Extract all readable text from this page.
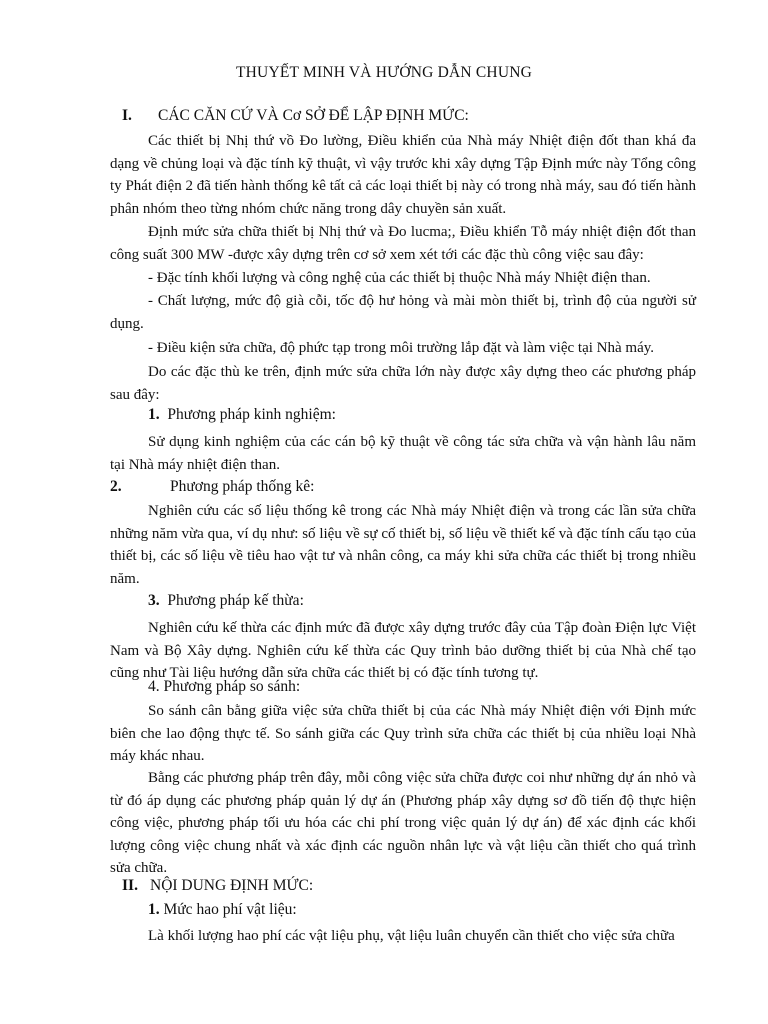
THUYẾT MINH VÀ HƯỚNG DẪN CHUNG
I. CÁC CĂN CỨ VÀ Cơ SỞ ĐỂ LẬP ĐỊNH MỨC:

Các thiết bị Nhị thứ vồ Đo lường, Điều khiển của Nhà máy Nhiệt điện đốt than khá đa dạng về chủng loại và đặc tính kỹ thuật, vì vậy trước khi xây dựng Tập Định mức này Tổng công ty Phát điện 2 đã tiến hành thống kê tất cả các loại thiết bị này có trong nhà máy, sau đó tiến hành phân nhóm theo từng nhóm chức năng trong dây chuyền sản xuất.

Định mức sửa chữa thiết bị Nhị thứ và Đo lucma;, Điều khiển Tỗ máy nhiệt điện đốt than công suất 300 MW -được xây dựng trên cơ sở xem xét tới các đặc thù công việc sau đây:

- Đặc tính khối lượng và công nghệ của các thiết bị thuộc Nhà máy Nhiệt điện than.

- Chất lượng, mức độ già cỗi, tốc độ hư hỏng và mài mòn thiết bị, trình độ của người sử dụng.

- Điều kiện sửa chữa, độ phức tạp trong môi trường lắp đặt và làm việc tại Nhà máy.

Do các đặc thù ke trên, định mức sửa chữa lớn này được xây dựng theo các phương pháp sau đây:

1. Phương pháp kinh nghiệm:

Sử dụng kinh nghiệm của các cán bộ kỹ thuật về công tác sửa chữa và vận hành lâu năm tại Nhà máy nhiệt điện than.

2.	Phương pháp thống kê:

Nghiên cứu các số liệu thống kê trong các Nhà máy Nhiệt điện và trong các lần sửa chữa những năm vừa qua, ví dụ như: số liệu về sự cố thiết bị, số liệu về thiết kế và đặc tính cấu tạo của thiết bị, các số liệu về tiêu hao vật tư và nhân công, ca máy khi sửa chữa các thiết bị trong nhiều năm.

3. Phương pháp kế thừa:

Nghiên cứu kế thừa các định mức đã được xây dựng trước đây của Tập đoàn Điện lực Việt Nam và Bộ Xây dựng. Nghiên cứu kế thừa các Quy trình bảo dưỡng thiết bị của Nhà chế tạo cũng như Tài liệu hướng dẫn sửa chữa các thiết bị có đặc tính tương tự.

4. Phương pháp so sánh:

So sánh cân bằng giữa việc sửa chữa thiết bị của các Nhà máy Nhiệt điện với Định mức biên che lao động thực tế. So sánh giữa các Quy trình sửa chữa các thiết bị của nhiều loại Nhà máy khác nhau.

Bằng các phương pháp trên đây, mỗi công việc sửa chữa được coi như những dự án nhỏ và từ đó áp dụng các phương pháp quản lý dự án (Phương pháp xây dựng sơ đồ tiến độ thực hiện công việc, phương pháp tối ưu hóa các chi phí trong việc quản lý dự án) để xác định các khối lượng công việc chung nhất và xác định các nguồn nhân lực và vật liệu cần thiết cho quá trình sửa chữa.

II. NỘI DUNG ĐỊNH MỨC:
1. Mức hao phí vật liệu:

Là khối lượng hao phí các vật liệu phụ, vật liệu luân chuyển cần thiết cho việc sửa chữa
